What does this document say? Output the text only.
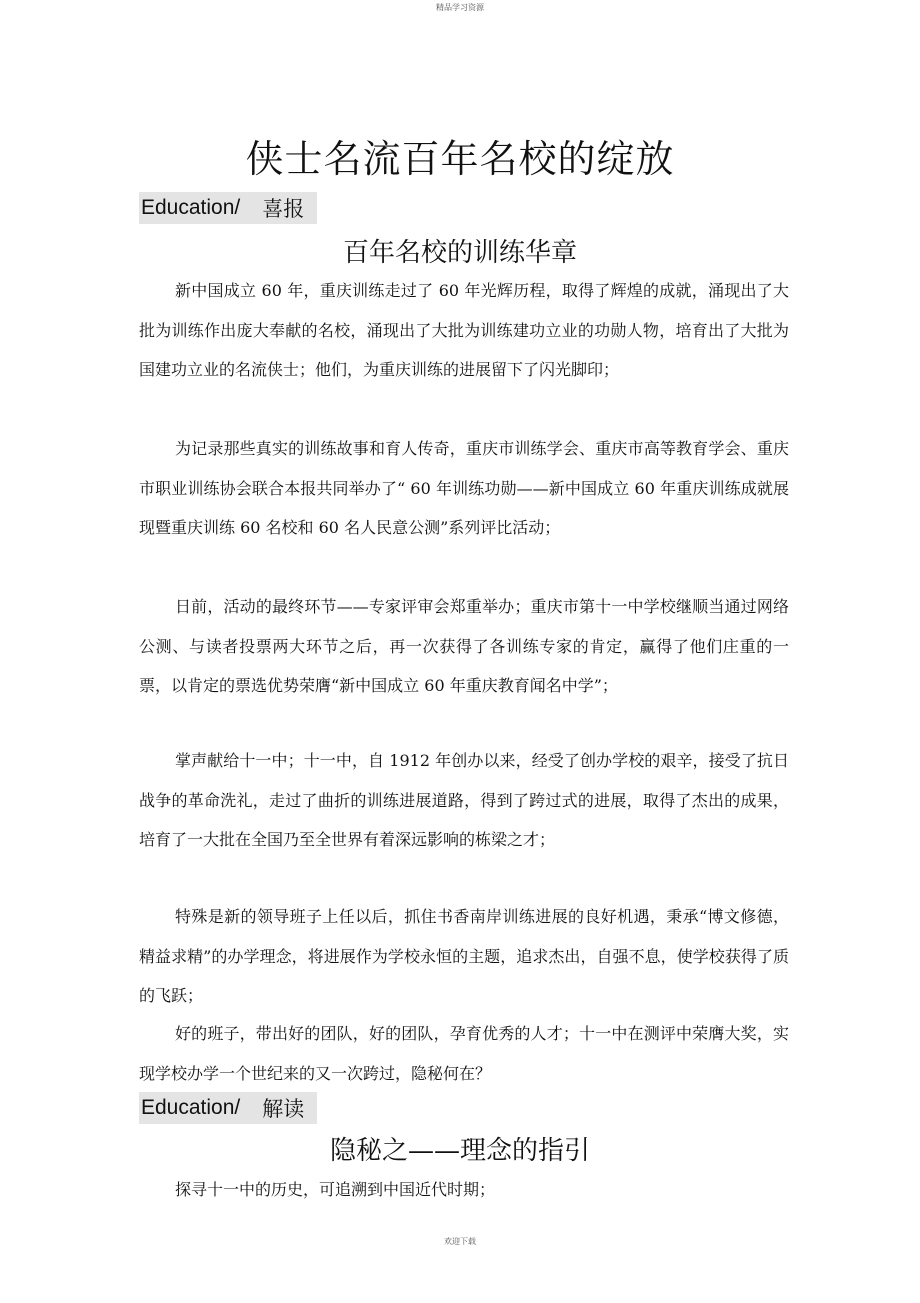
精品学习资源
侠士名流百年名校的绽放
Education/ 喜报
百年名校的训练华章

新中国成立 60 年，重庆训练走过了 60 年光辉历程，取得了辉煌的成就，涌现出了大批为训练作出庞大奉献的名校，涌现出了大批为训练建功立业的功勋人物，培育出了大批为国建功立业的名流侠士；他们，为重庆训练的进展留下了闪光脚印；

为记录那些真实的训练故事和育人传奇，重庆市训练学会、重庆市高等教育学会、重庆市职业训练协会联合本报共同举办了“ 60 年训练功勋——新中国成立 60 年重庆训练成就展现暨重庆训练 60 名校和 60 名人民意公测”系列评比活动；

日前，活动的最终环节——专家评审会郑重举办；重庆市第十一中学校继顺当通过网络公测、与读者投票两大环节之后，再一次获得了各训练专家的肯定，赢得了他们庄重的一票，以肯定的票选优势荣膺“新中国成立 60 年重庆教育闻名中学”；

掌声献给十一中；十一中，自 1912 年创办以来，经受了创办学校的艰辛，接受了抗日战争的革命洗礼，走过了曲折的训练进展道路，得到了跨过式的进展，取得了杰出的成果，培育了一大批在全国乃至全世界有着深远影响的栋梁之才；

特殊是新的领导班子上任以后，抓住书香南岸训练进展的良好机遇，秉承“博文修德，精益求精”的办学理念，将进展作为学校永恒的主题，追求杰出，自强不息，使学校获得了质的飞跃；

好的班子，带出好的团队，好的团队，孕育优秀的人才；十一中在测评中荣膺大奖，实现学校办学一个世纪来的又一次跨过，隐秘何在？

Education/ 解读
隐秘之——理念的指引

探寻十一中的历史，可追溯到中国近代时期；

欢迎下载
